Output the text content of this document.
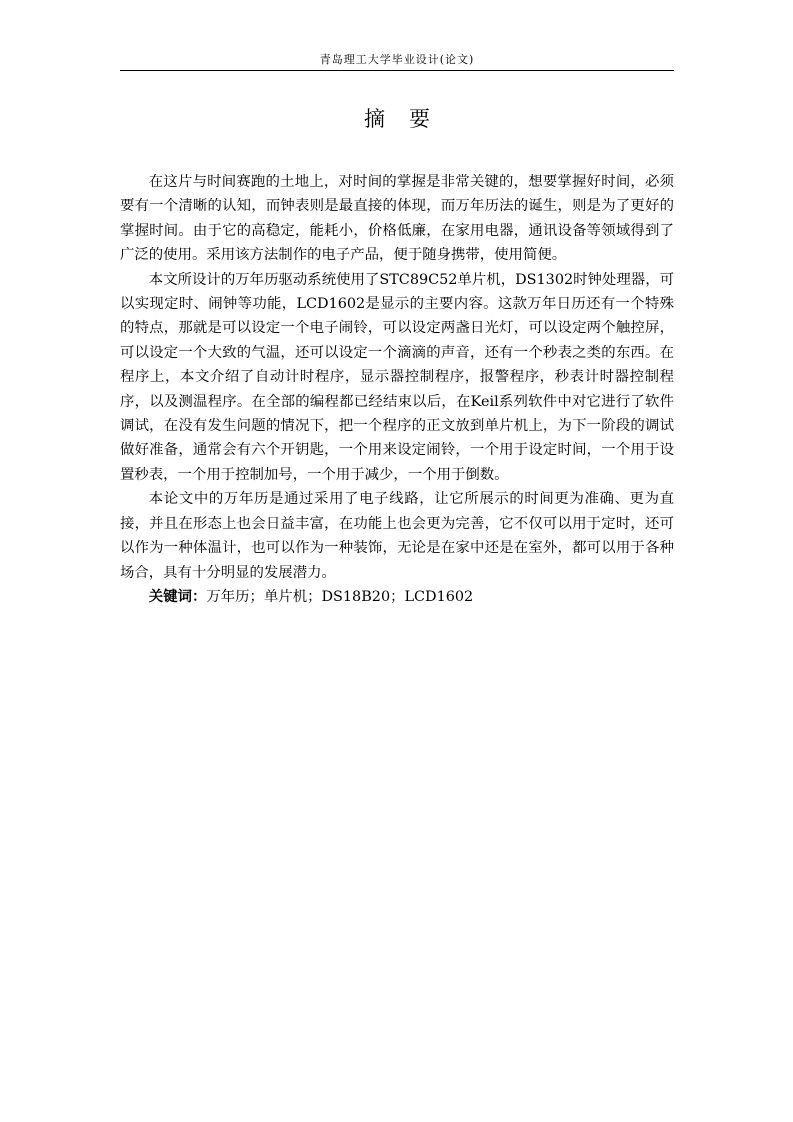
青岛理工大学毕业设计(论文)
摘 要

在这片与时间赛跑的土地上，对时间的掌握是非常关键的，想要掌握好时间，必须要有一个清晰的认知，而钟表则是最直接的体现，而万年历法的诞生，则是为了更好的掌握时间。由于它的高稳定，能耗小，价格低廉，在家用电器，通讯设备等领域得到了广泛的使用。采用该方法制作的电子产品，便于随身携带，使用简便。

本文所设计的万年历驱动系统使用了STC89C52单片机，DS1302时钟处理器，可以实现定时、闹钟等功能，LCD1602是显示的主要内容。这款万年日历还有一个特殊的特点，那就是可以设定一个电子闹铃，可以设定两盏日光灯，可以设定两个触控屏，可以设定一个大致的气温，还可以设定一个滴滴的声音，还有一个秒表之类的东西。在程序上，本文介绍了自动计时程序，显示器控制程序，报警程序，秒表计时器控制程序，以及测温程序。在全部的编程都已经结束以后，在Keil系列软件中对它进行了软件调试，在没有发生问题的情况下，把一个程序的正文放到单片机上，为下一阶段的调试做好准备，通常会有六个开钥匙，一个用来设定闹铃，一个用于设定时间，一个用于设置秒表，一个用于控制加号，一个用于减少，一个用于倒数。

本论文中的万年历是通过采用了电子线路，让它所展示的时间更为准确、更为直接，并且在形态上也会日益丰富，在功能上也会更为完善，它不仅可以用于定时，还可以作为一种体温计，也可以作为一种装饰，无论是在家中还是在室外，都可以用于各种场合，具有十分明显的发展潜力。

关键词：万年历；单片机；DS18B20；LCD1602
